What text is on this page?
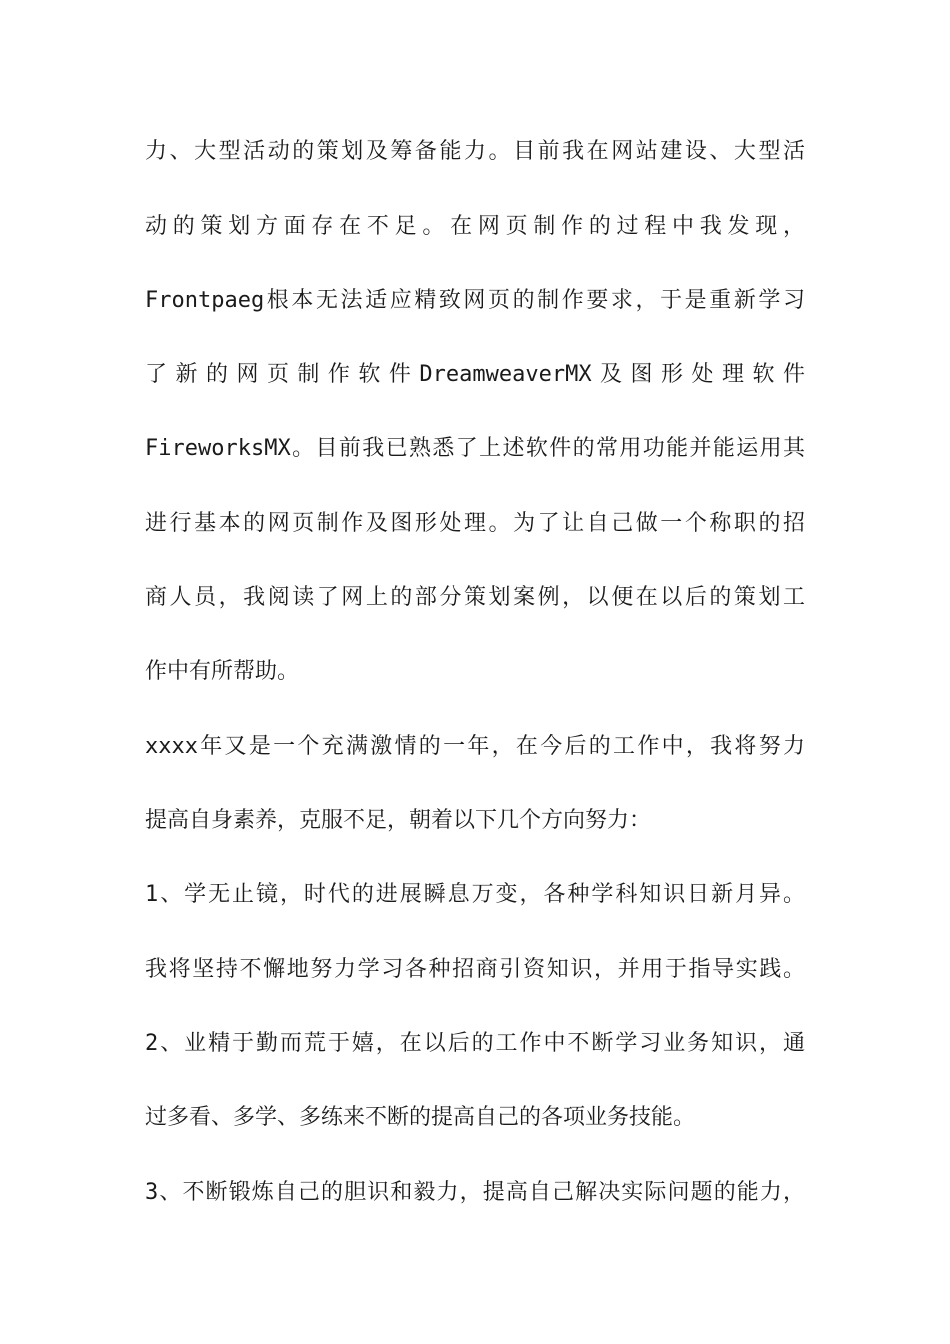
力、大型活动的策划及筹备能力。目前我在网站建设、大型活
动的策划方面存在不足。在网页制作的过程中我发现，
Frontpaeg根本无法适应精致网页的制作要求，于是重新学习
了新的网页制作软件DreamweaverMX及图形处理软件
FireworksMX。目前我已熟悉了上述软件的常用功能并能运用其
进行基本的网页制作及图形处理。为了让自己做一个称职的招
商人员，我阅读了网上的部分策划案例，以便在以后的策划工
作中有所帮助。
xxxx年又是一个充满激情的一年，在今后的工作中，我将努力
提高自身素养，克服不足，朝着以下几个方向努力：
1、学无止镜，时代的进展瞬息万变，各种学科知识日新月异。
我将坚持不懈地努力学习各种招商引资知识，并用于指导实践。
2、业精于勤而荒于嬉，在以后的工作中不断学习业务知识，通
过多看、多学、多练来不断的提高自己的各项业务技能。
3、不断锻炼自己的胆识和毅力，提高自己解决实际问题的能力，
